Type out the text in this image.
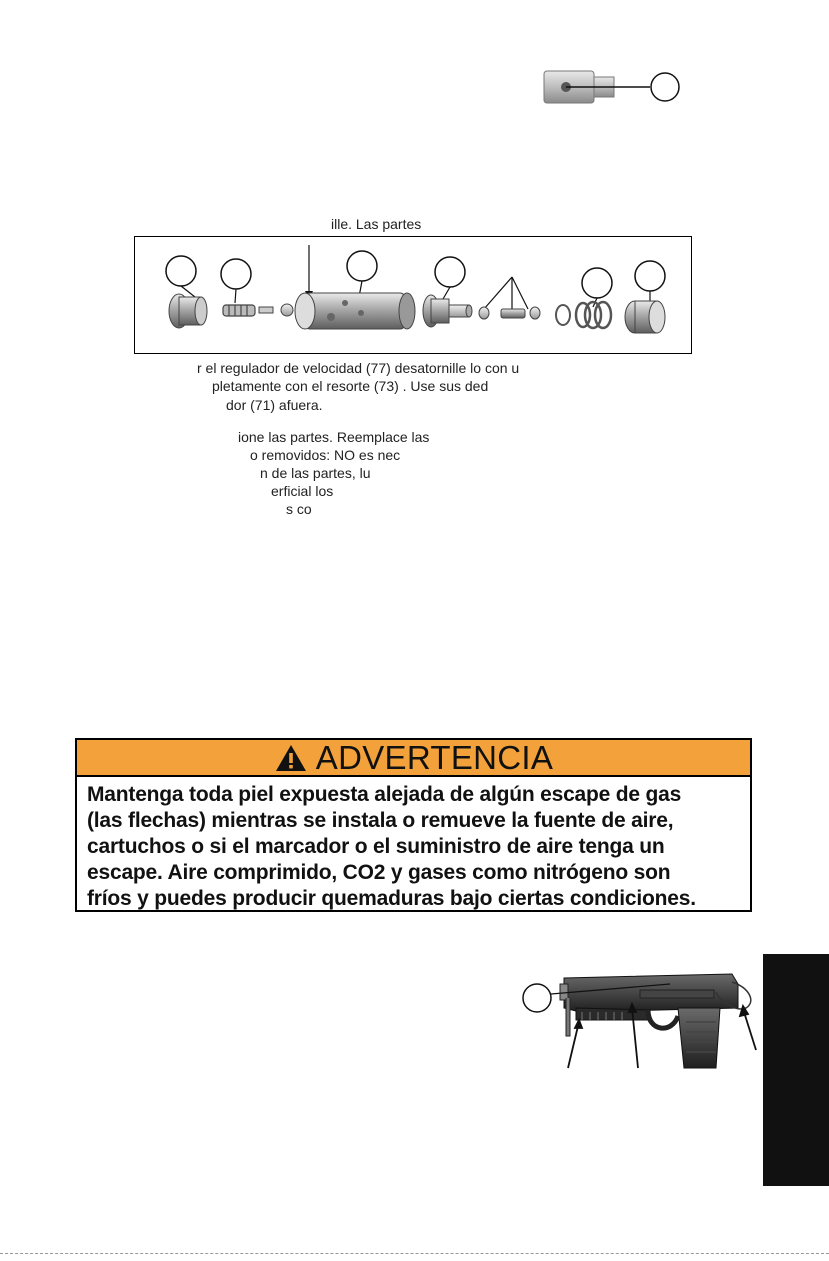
ille. Las partes
r el regulador de velocidad (77) desatornille lo con u
pletamente con el resorte (73) . Use sus ded
dor (71) afuera.
ione las partes. Reemplace las
o removidos: NO es nec
n de las partes, lu
erficial los
s co
ADVERTENCIA
Mantenga toda piel expuesta alejada de algún escape de gas
(las flechas) mientras se instala o remueve la fuente de aire,
cartuchos o si el marcador o el suministro de aire tenga un
escape. Aire comprimido, CO2 y gases como nitrógeno son
fríos y puedes producir quemaduras bajo ciertas condiciones.
